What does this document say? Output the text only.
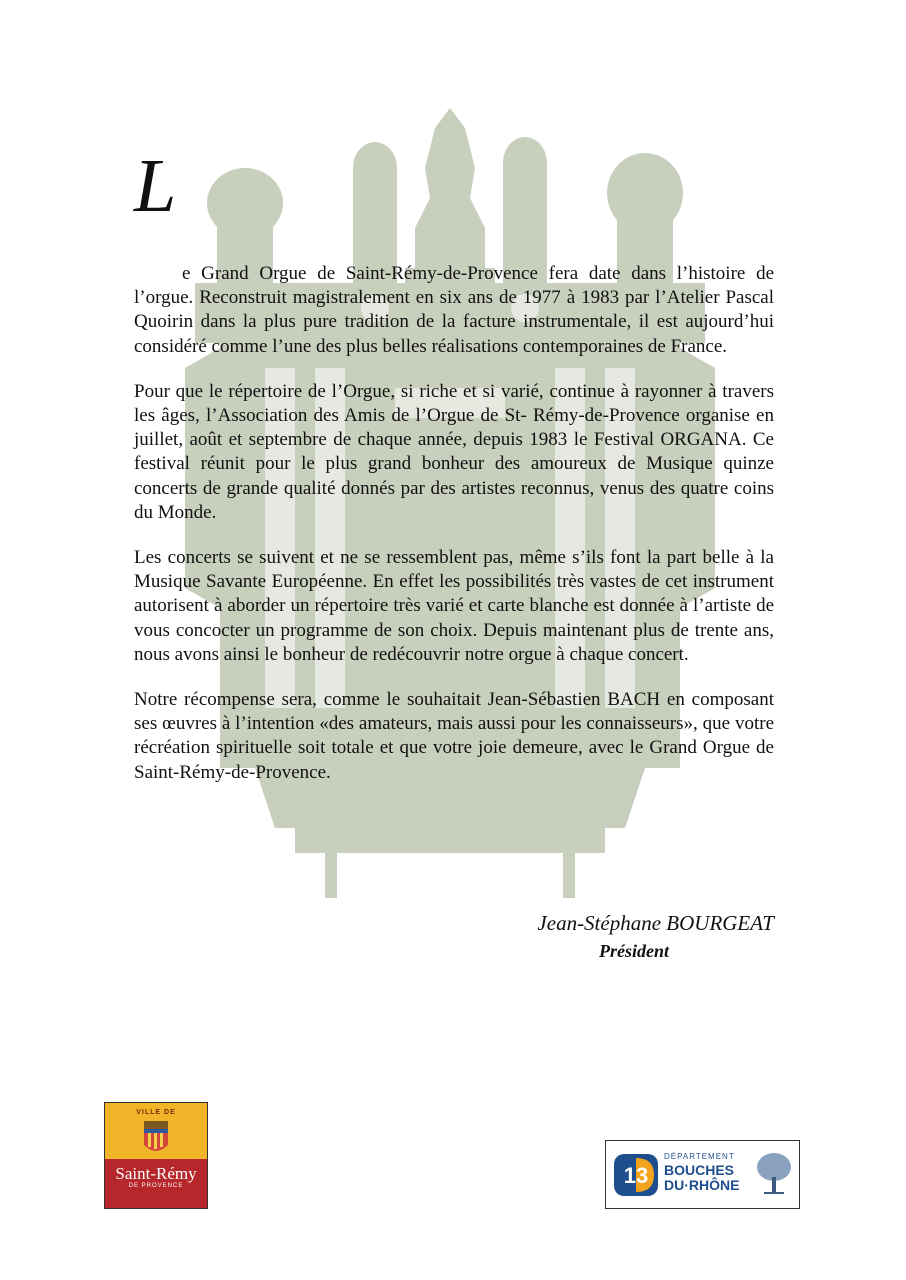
L

e Grand Orgue de Saint-Rémy-de-Provence fera date dans l’histoire de l’orgue. Reconstruit magistralement en six ans de 1977 à 1983 par l’Atelier Pascal Quoirin dans la plus pure tradition de la facture instrumentale, il est aujourd’hui considéré comme l’une des plus belles réalisations contemporaines de France.

Pour que le répertoire de l’Orgue, si riche et si varié, continue à rayonner à travers les âges, l’Association des Amis de l’Orgue de St- Rémy-de-Provence organise en juillet, août et septembre de chaque année, depuis 1983 le Festival ORGANA. Ce festival réunit pour le plus grand bonheur des amoureux de Musique quinze concerts de grande qualité donnés par des artistes reconnus, venus des quatre coins du Monde.

Les concerts se suivent et ne se ressemblent pas, même s’ils font la part belle à la Musique Savante Européenne. En effet les possibilités très vastes de cet instrument autorisent à aborder un répertoire très varié et carte blanche est donnée à l’artiste de vous concocter un programme de son choix. Depuis maintenant plus de trente ans, nous avons ainsi le bonheur de redécouvrir notre orgue à chaque concert.

Notre récompense sera, comme le souhaitait Jean-Sébastien BACH en composant ses œuvres à l’intention «des amateurs, mais aussi pour les connaisseurs», que votre récréation spirituelle soit totale et que votre joie demeure, avec le Grand Orgue de Saint-Rémy-de-Provence.

Jean-Stéphane BOURGEAT
Président
VILLE DE
Saint-Rémy
DE PROVENCE	13
DÉPARTEMENT
BOUCHES
DU·RHÔNE
